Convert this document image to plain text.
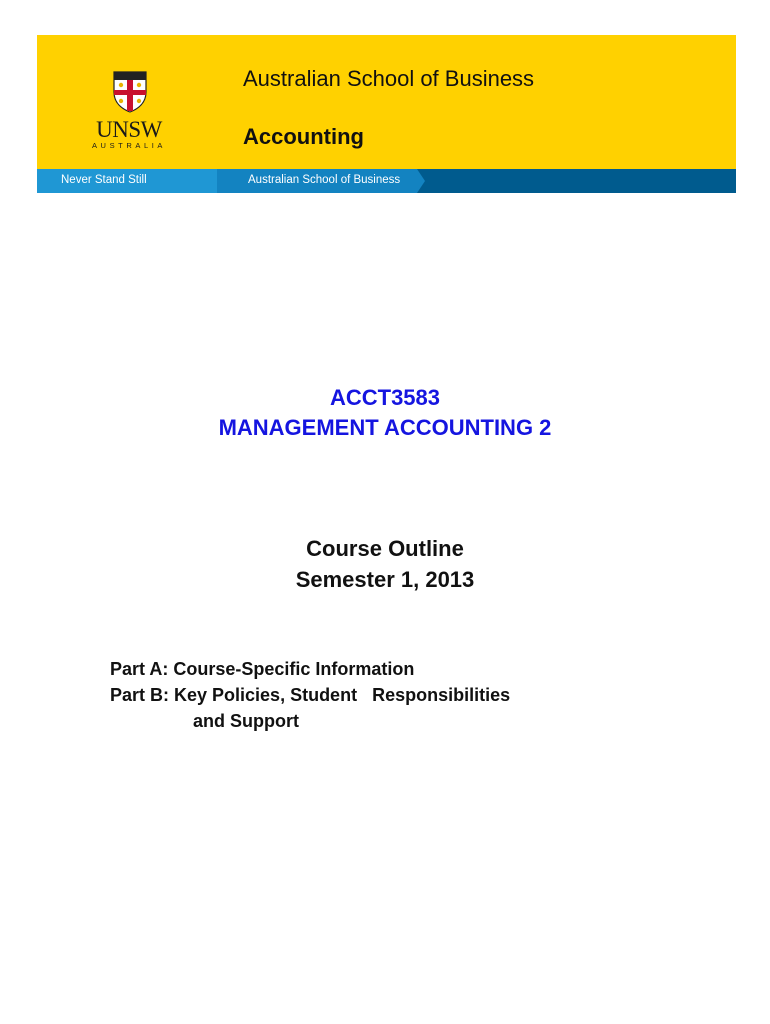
UNSW
AUSTRALIA
Australian School of Business
Accounting
Never Stand Still	Australian School of Business
ACCT3583
MANAGEMENT ACCOUNTING 2
Course Outline
Semester 1, 2013
Part A: Course-Specific Information
Part B: Key Policies, Student   Responsibilities
and Support
